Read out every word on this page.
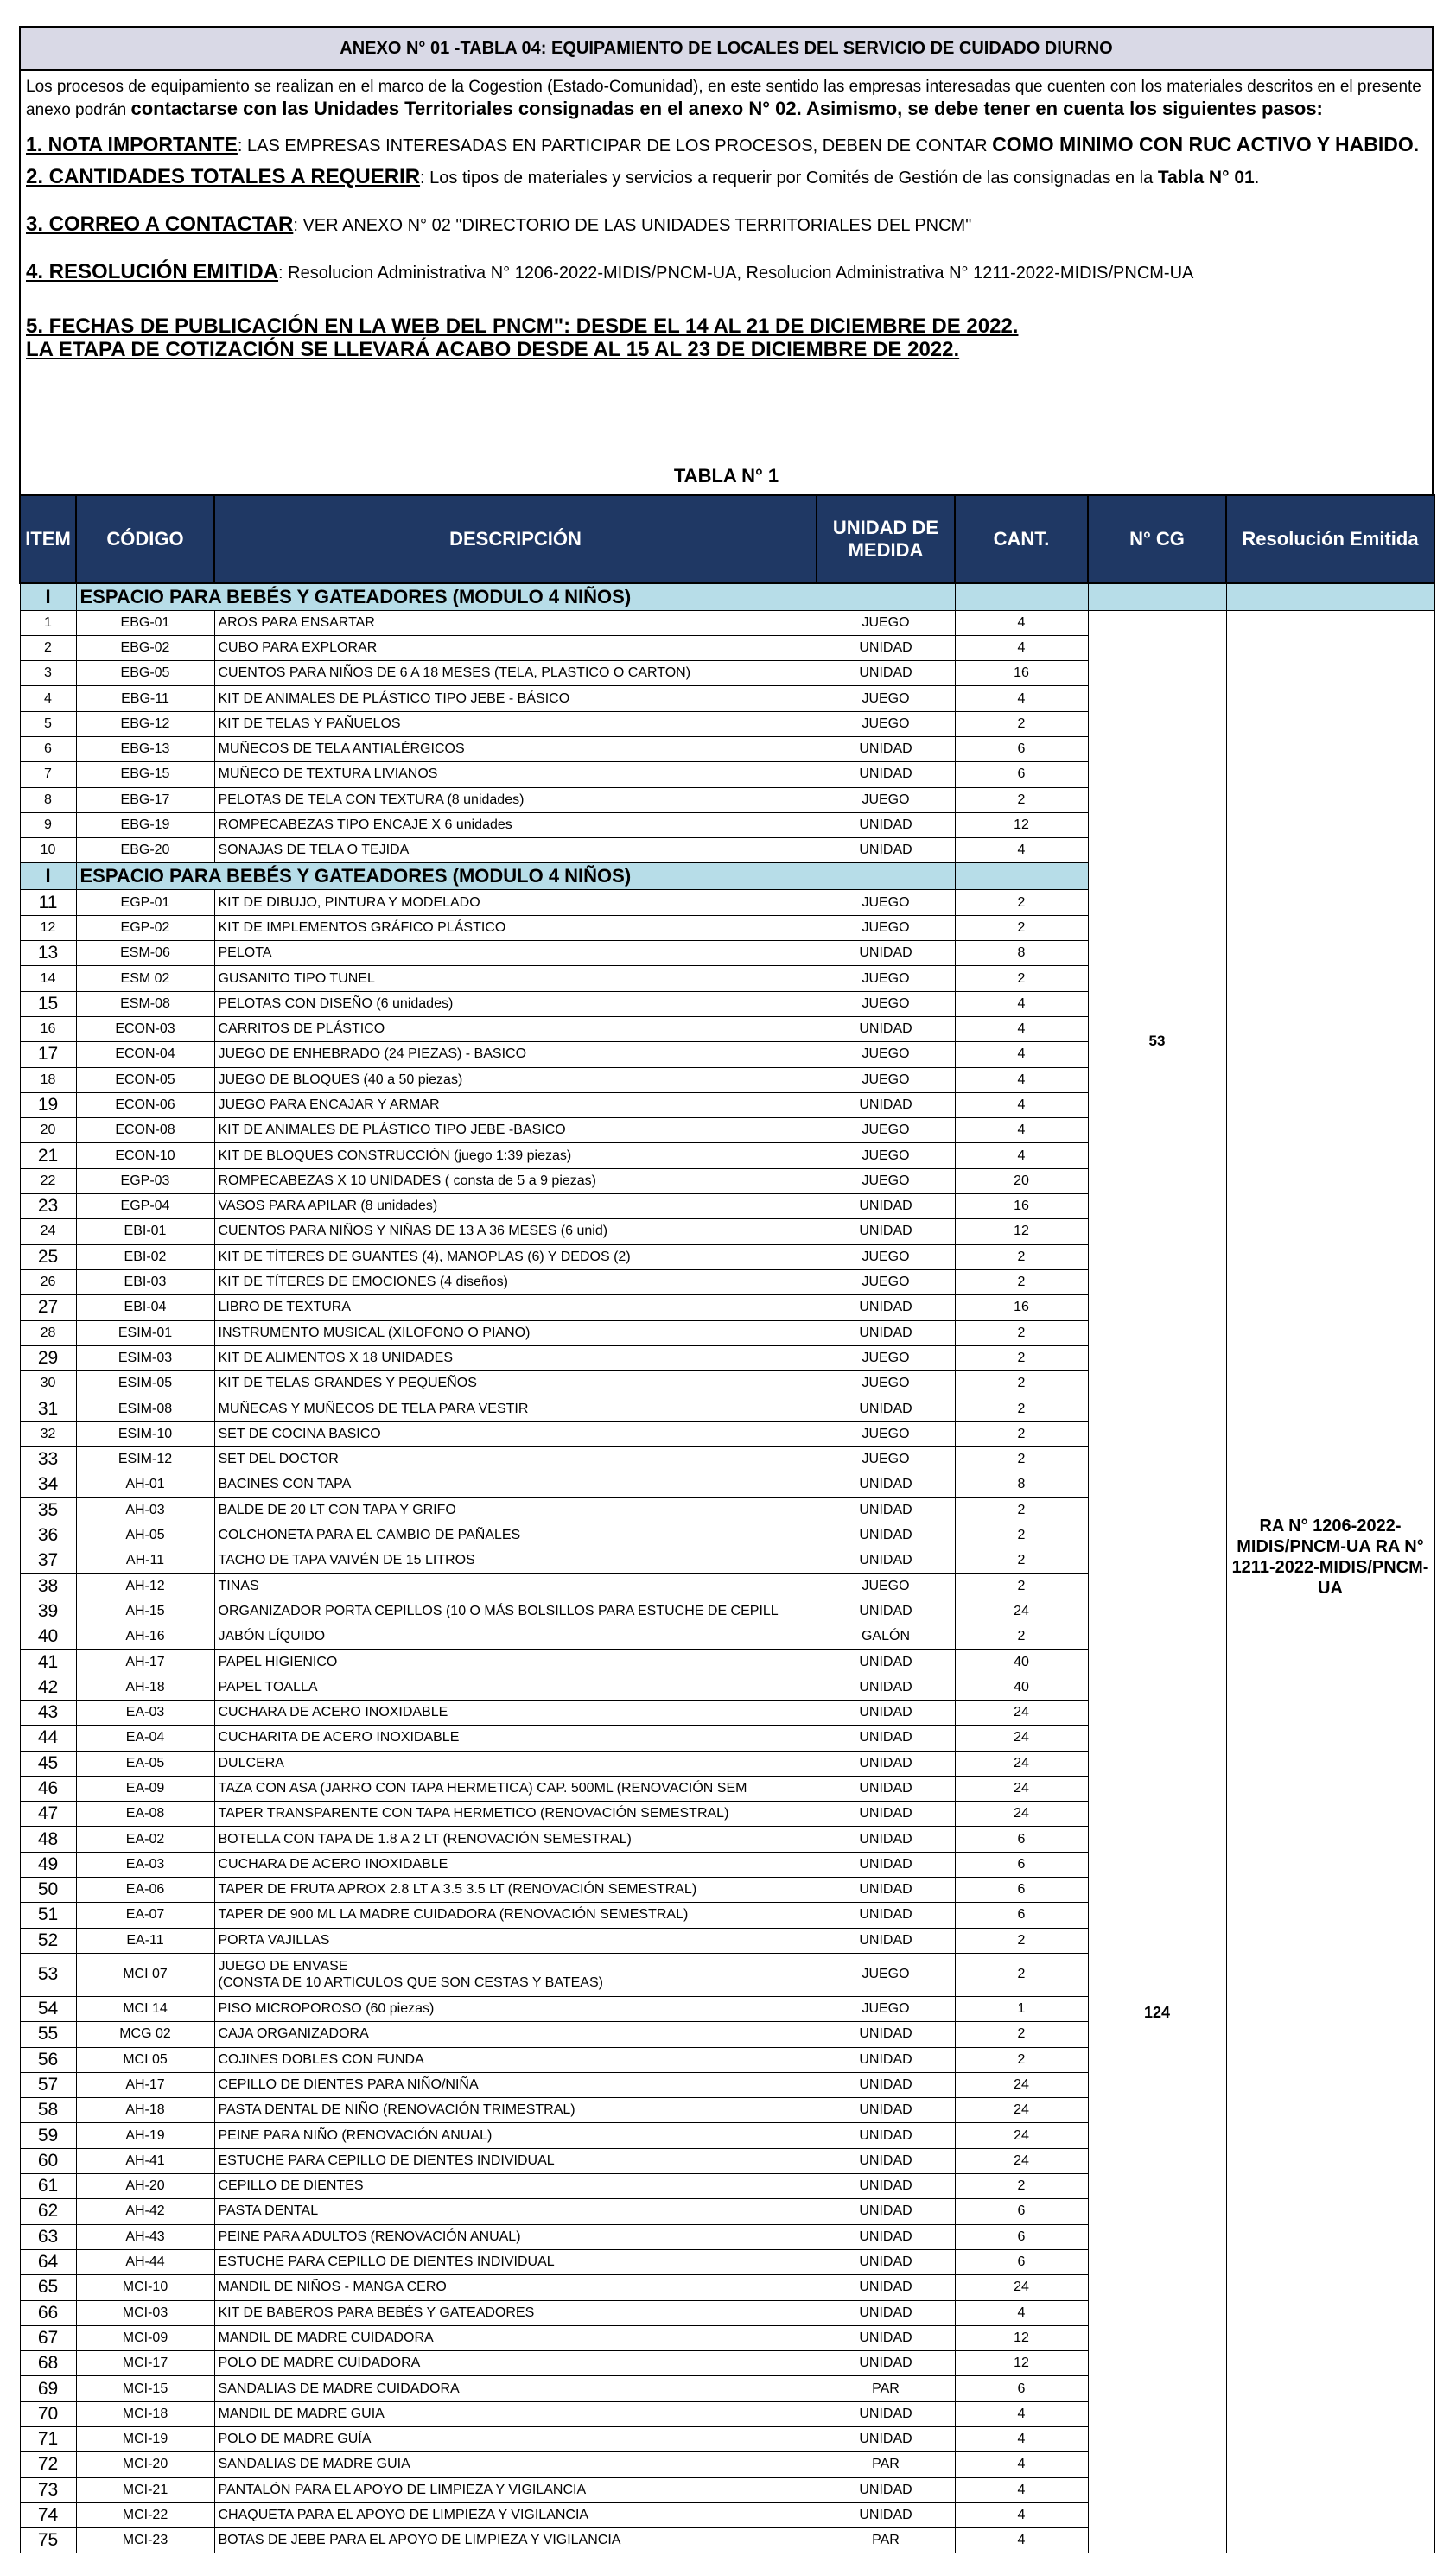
ANEXO N° 01 -TABLA 04: EQUIPAMIENTO DE LOCALES DEL SERVICIO DE CUIDADO DIURNO
Los procesos de equipamiento se realizan en el marco de la Cogestion (Estado-Comunidad), en este sentido las empresas interesadas que cuenten con los materiales descritos en el presente anexo podrán contactarse con las Unidades Territoriales consignadas en el anexo N° 02. Asimismo, se debe tener en cuenta los siguientes pasos:

1. NOTA IMPORTANTE: LAS EMPRESAS INTERESADAS EN PARTICIPAR DE LOS PROCESOS, DEBEN DE CONTAR COMO MINIMO CON RUC ACTIVO Y HABIDO.

2. CANTIDADES TOTALES A REQUERIR: Los tipos de materiales y servicios a requerir por Comités de Gestión de las consignadas en la Tabla N° 01.

3. CORREO A CONTACTAR: VER ANEXO N° 02 "DIRECTORIO DE LAS UNIDADES TERRITORIALES DEL PNCM"

4. RESOLUCIÓN EMITIDA: Resolucion Administrativa N° 1206-2022-MIDIS/PNCM-UA, Resolucion Administrativa N° 1211-2022-MIDIS/PNCM-UA

5. FECHAS DE PUBLICACIÓN EN LA WEB DEL PNCM": DESDE EL 14 AL 21 DE DICIEMBRE DE 2022.

LA ETAPA DE COTIZACIÓN SE LLEVARÁ ACABO DESDE AL 15 AL 23 DE DICIEMBRE DE 2022.

TABLA N° 1
ITEM	CÓDIGO	DESCRIPCIÓN	UNIDAD DE MEDIDA	CANT.	N° CG	Resolución Emitida
I	ESPACIO PARA BEBÉS Y GATEADORES (MODULO 4 NIÑOS)					
1	EBG-01	AROS PARA ENSARTAR	JUEGO	4	53	
2	EBG-02	CUBO PARA EXPLORAR	UNIDAD	4		
3	EBG-05	CUENTOS PARA NIÑOS DE 6 A 18 MESES (TELA, PLASTICO O CARTON)	UNIDAD	16		
4	EBG-11	KIT DE ANIMALES DE PLÁSTICO TIPO JEBE - BÁSICO	JUEGO	4		
5	EBG-12	KIT DE TELAS Y PAÑUELOS	JUEGO	2		
6	EBG-13	MUÑECOS DE TELA ANTIALÉRGICOS	UNIDAD	6		
7	EBG-15	MUÑECO DE TEXTURA LIVIANOS	UNIDAD	6		
8	EBG-17	PELOTAS DE TELA CON TEXTURA (8 unidades)	JUEGO	2		
9	EBG-19	ROMPECABEZAS TIPO ENCAJE X 6 unidades	UNIDAD	12		
10	EBG-20	SONAJAS DE TELA O TEJIDA	UNIDAD	4		
I	ESPACIO PARA BEBÉS Y GATEADORES (MODULO 4 NIÑOS)					
11	EGP-01	KIT DE DIBUJO, PINTURA Y MODELADO	JUEGO	2		
12	EGP-02	KIT DE IMPLEMENTOS GRÁFICO PLÁSTICO	JUEGO	2		
13	ESM-06	PELOTA	UNIDAD	8		
14	ESM 02	GUSANITO TIPO TUNEL	JUEGO	2		
15	ESM-08	PELOTAS CON DISEÑO (6 unidades)	JUEGO	4		
16	ECON-03	CARRITOS DE PLÁSTICO	UNIDAD	4		
17	ECON-04	JUEGO DE ENHEBRADO (24 PIEZAS) - BASICO	JUEGO	4		
18	ECON-05	JUEGO DE BLOQUES (40 a 50 piezas)	JUEGO	4		
19	ECON-06	JUEGO PARA ENCAJAR Y ARMAR	UNIDAD	4		
20	ECON-08	KIT DE ANIMALES DE PLÁSTICO TIPO JEBE -BASICO	JUEGO	4		
21	ECON-10	KIT DE BLOQUES CONSTRUCCIÓN (juego 1:39 piezas)	JUEGO	4		
22	EGP-03	ROMPECABEZAS X 10 UNIDADES ( consta de 5 a 9 piezas)	JUEGO	20		
23	EGP-04	VASOS PARA APILAR (8 unidades)	UNIDAD	16		
24	EBI-01	CUENTOS PARA NIÑOS Y NIÑAS DE 13 A 36 MESES (6 unid)	UNIDAD	12		
25	EBI-02	KIT DE TÍTERES DE GUANTES (4), MANOPLAS (6) Y DEDOS (2)	JUEGO	2		
26	EBI-03	KIT DE TÍTERES DE EMOCIONES (4 diseños)	JUEGO	2		
27	EBI-04	LIBRO DE TEXTURA	UNIDAD	16		
28	ESIM-01	INSTRUMENTO MUSICAL (XILOFONO O PIANO)	UNIDAD	2		
29	ESIM-03	KIT DE ALIMENTOS X 18 UNIDADES	JUEGO	2		
30	ESIM-05	KIT DE TELAS GRANDES Y PEQUEÑOS	JUEGO	2		
31	ESIM-08	MUÑECAS Y MUÑECOS DE TELA PARA VESTIR	UNIDAD	2		
32	ESIM-10	SET DE COCINA BASICO	JUEGO	2		
33	ESIM-12	SET DEL DOCTOR	JUEGO	2		
34	AH-01	BACINES CON TAPA	UNIDAD	8	124	RA N° 1206-2022-MIDIS/PNCM-UA RA N° 1211-2022-MIDIS/PNCM-UA
35	AH-03	BALDE DE 20 LT CON TAPA Y GRIFO	UNIDAD	2		
36	AH-05	COLCHONETA PARA EL CAMBIO DE PAÑALES	UNIDAD	2		
37	AH-11	TACHO DE TAPA VAIVÉN DE 15 LITROS	UNIDAD	2		
38	AH-12	TINAS	JUEGO	2		
39	AH-15	ORGANIZADOR PORTA CEPILLOS (10 O MÁS BOLSILLOS PARA ESTUCHE DE CEPILL	UNIDAD	24		
40	AH-16	JABÓN LÍQUIDO	GALÓN	2		
41	AH-17	PAPEL HIGIENICO	UNIDAD	40		
42	AH-18	PAPEL TOALLA	UNIDAD	40		
43	EA-03	CUCHARA DE ACERO INOXIDABLE	UNIDAD	24		
44	EA-04	CUCHARITA DE ACERO INOXIDABLE	UNIDAD	24		
45	EA-05	DULCERA	UNIDAD	24		
46	EA-09	TAZA CON ASA (JARRO CON TAPA HERMETICA) CAP. 500ML (RENOVACIÓN SEM	UNIDAD	24		
47	EA-08	TAPER TRANSPARENTE CON TAPA HERMETICO (RENOVACIÓN SEMESTRAL)	UNIDAD	24		
48	EA-02	BOTELLA CON TAPA DE 1.8 A 2 LT (RENOVACIÓN SEMESTRAL)	UNIDAD	6		
49	EA-03	CUCHARA DE ACERO INOXIDABLE	UNIDAD	6		
50	EA-06	TAPER DE FRUTA APROX 2.8 LT A 3.5 3.5 LT (RENOVACIÓN SEMESTRAL)	UNIDAD	6		
51	EA-07	TAPER DE 900 ML LA MADRE CUIDADORA (RENOVACIÓN SEMESTRAL)	UNIDAD	6		
52	EA-11	PORTA VAJILLAS	UNIDAD	2		
53	MCI 07	JUEGO DE ENVASE
(CONSTA DE 10 ARTICULOS QUE SON CESTAS Y BATEAS)	JUEGO	2		
54	MCI 14	PISO MICROPOROSO (60 piezas)	JUEGO	1		
55	MCG 02	CAJA ORGANIZADORA	UNIDAD	2		
56	MCI 05	COJINES DOBLES CON FUNDA	UNIDAD	2		
57	AH-17	CEPILLO DE DIENTES PARA NIÑO/NIÑA	UNIDAD	24		
58	AH-18	PASTA DENTAL DE NIÑO (RENOVACIÓN TRIMESTRAL)	UNIDAD	24		
59	AH-19	PEINE PARA NIÑO (RENOVACIÓN ANUAL)	UNIDAD	24		
60	AH-41	ESTUCHE PARA CEPILLO DE DIENTES INDIVIDUAL	UNIDAD	24		
61	AH-20	CEPILLO DE DIENTES	UNIDAD	2		
62	AH-42	PASTA DENTAL	UNIDAD	6		
63	AH-43	PEINE PARA ADULTOS (RENOVACIÓN ANUAL)	UNIDAD	6		
64	AH-44	ESTUCHE PARA CEPILLO DE DIENTES INDIVIDUAL	UNIDAD	6		
65	MCI-10	MANDIL DE NIÑOS - MANGA CERO	UNIDAD	24		
66	MCI-03	KIT DE BABEROS PARA BEBÉS Y GATEADORES	UNIDAD	4		
67	MCI-09	MANDIL DE MADRE CUIDADORA	UNIDAD	12		
68	MCI-17	POLO DE MADRE CUIDADORA	UNIDAD	12		
69	MCI-15	SANDALIAS DE MADRE CUIDADORA	PAR	6		
70	MCI-18	MANDIL DE MADRE GUIA	UNIDAD	4		
71	MCI-19	POLO DE MADRE GUÍA	UNIDAD	4		
72	MCI-20	SANDALIAS DE MADRE GUIA	PAR	4		
73	MCI-21	PANTALÓN PARA EL APOYO DE LIMPIEZA Y VIGILANCIA	UNIDAD	4		
74	MCI-22	CHAQUETA PARA EL APOYO DE LIMPIEZA Y VIGILANCIA	UNIDAD	4		
75	MCI-23	BOTAS DE JEBE PARA EL APOYO DE LIMPIEZA Y VIGILANCIA	PAR	4		
